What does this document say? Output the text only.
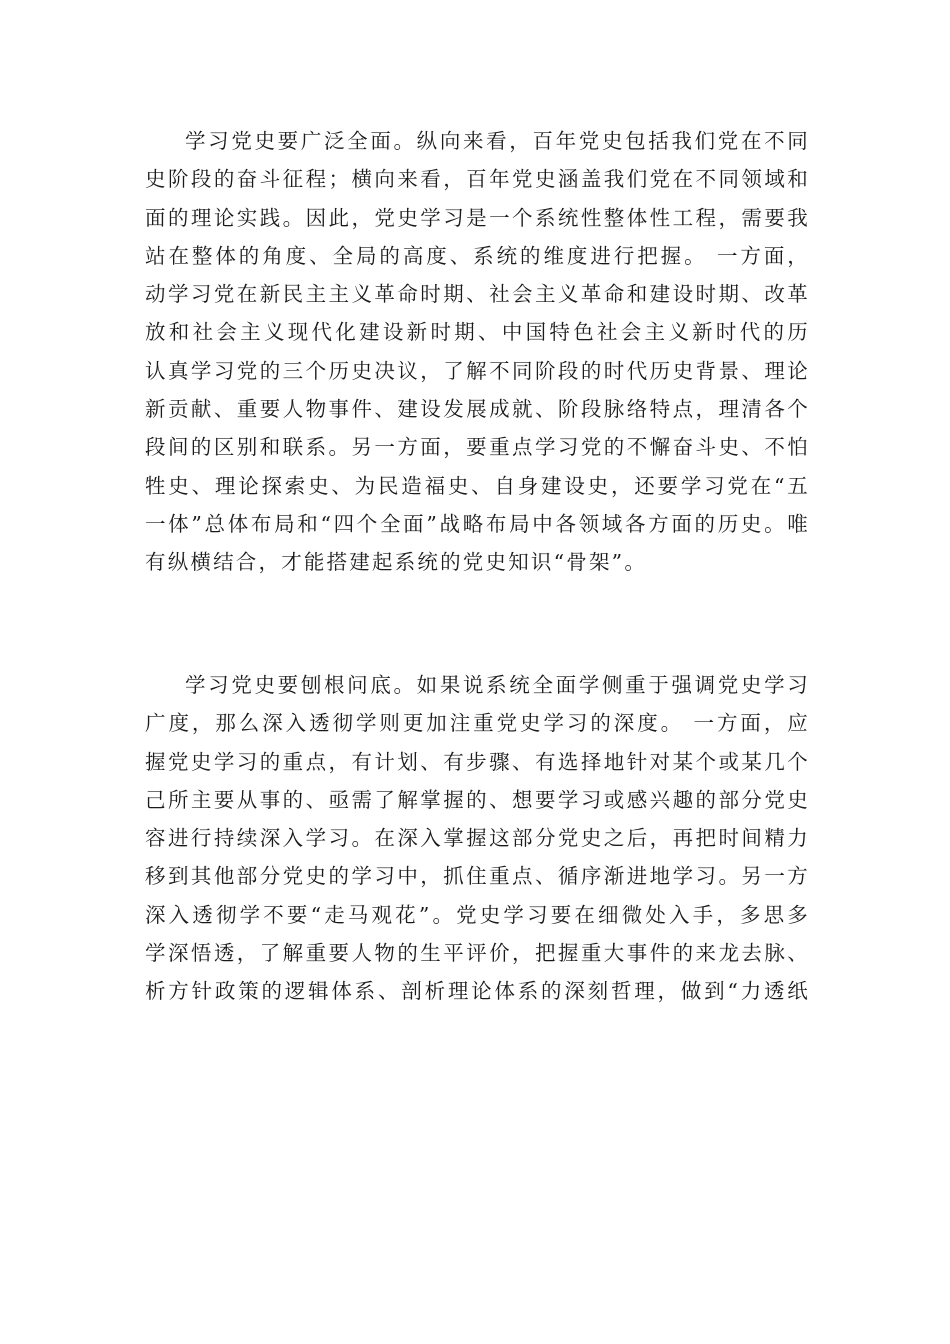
学习党史要广泛全面。纵向来看，百年党史包括我们党在不同
史阶段的奋斗征程；横向来看，百年党史涵盖我们党在不同领域和
面的理论实践。因此，党史学习是一个系统性整体性工程，需要我
站在整体的角度、全局的高度、系统的维度进行把握。 一方面，
动学习党在新民主主义革命时期、社会主义革命和建设时期、改革
放和社会主义现代化建设新时期、中国特色社会主义新时代的历
认真学习党的三个历史决议，了解不同阶段的时代历史背景、理论
新贡献、重要人物事件、建设发展成就、阶段脉络特点，理清各个
段间的区别和联系。另一方面，要重点学习党的不懈奋斗史、不怕
牲史、理论探索史、为民造福史、自身建设史，还要学习党在“五
一体”总体布局和“四个全面”战略布局中各领域各方面的历史。唯
有纵横结合，才能搭建起系统的党史知识“骨架”。
学习党史要刨根问底。如果说系统全面学侧重于强调党史学习
广度，那么深入透彻学则更加注重党史学习的深度。 一方面，应
握党史学习的重点，有计划、有步骤、有选择地针对某个或某几个
己所主要从事的、亟需了解掌握的、想要学习或感兴趣的部分党史
容进行持续深入学习。在深入掌握这部分党史之后，再把时间精力
移到其他部分党史的学习中，抓住重点、循序渐进地学习。另一方
深入透彻学不要“走马观花”。党史学习要在细微处入手，多思多
学深悟透，了解重要人物的生平评价，把握重大事件的来龙去脉、
析方针政策的逻辑体系、剖析理论体系的深刻哲理，做到“力透纸
